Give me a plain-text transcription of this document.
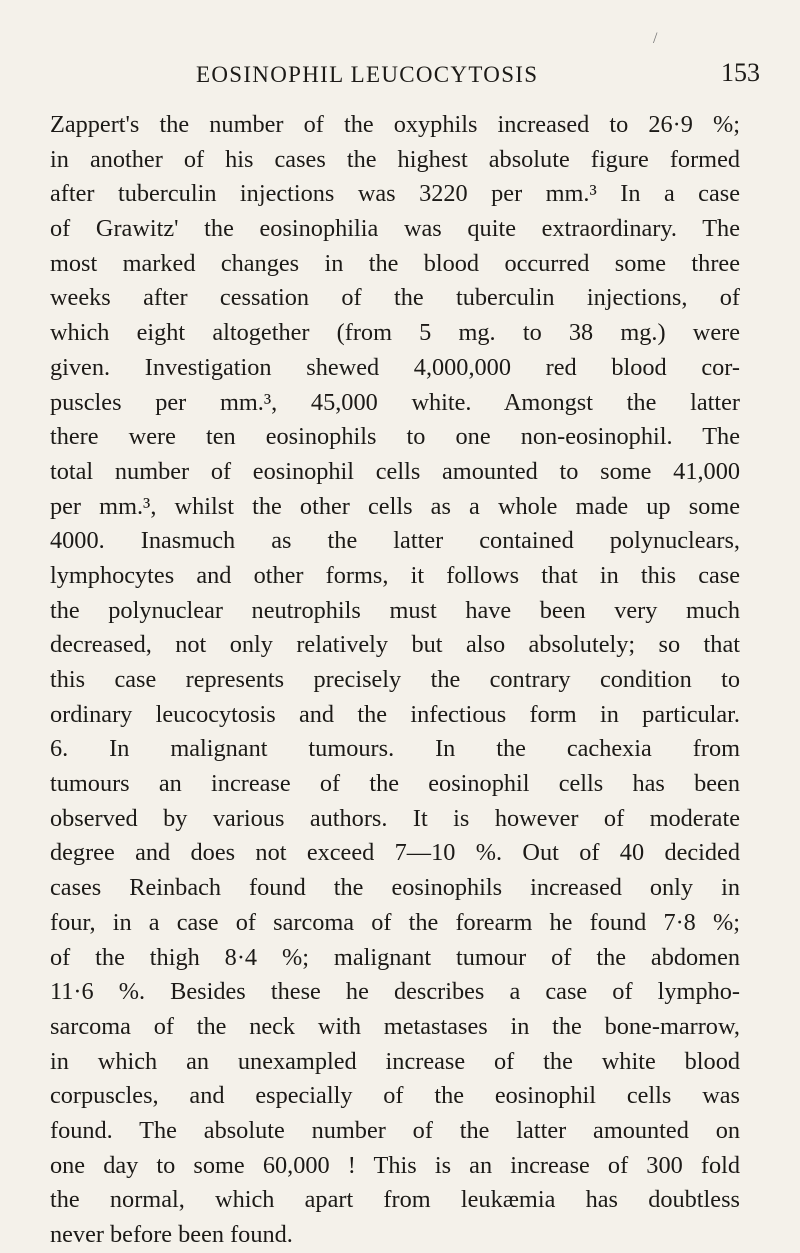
/
EOSINOPHIL LEUCOCYTOSIS	153
Zappert's the number of the oxyphils increased to 26·9 %;
in another of his cases the highest absolute figure formed
after tuberculin injections was 3220 per mm.³ In a case
of Grawitz' the eosinophilia was quite extraordinary. The
most marked changes in the blood occurred some three
weeks after cessation of the tuberculin injections, of
which eight altogether (from 5 mg. to 38 mg.) were
given. Investigation shewed 4,000,000 red blood cor-
puscles per mm.³, 45,000 white. Amongst the latter
there were ten eosinophils to one non-eosinophil. The
total number of eosinophil cells amounted to some 41,000
per mm.³, whilst the other cells as a whole made up some
4000. Inasmuch as the latter contained polynuclears,
lymphocytes and other forms, it follows that in this case
the polynuclear neutrophils must have been very much
decreased, not only relatively but also absolutely; so that
this case represents precisely the contrary condition to
ordinary leucocytosis and the infectious form in particular.
6. In malignant tumours. In the cachexia from
tumours an increase of the eosinophil cells has been
observed by various authors. It is however of moderate
degree and does not exceed 7—10 %. Out of 40 decided
cases Reinbach found the eosinophils increased only in
four, in a case of sarcoma of the forearm he found 7·8 %;
of the thigh 8·4 %; malignant tumour of the abdomen
11·6 %. Besides these he describes a case of lympho-
sarcoma of the neck with metastases in the bone-marrow,
in which an unexampled increase of the white blood
corpuscles, and especially of the eosinophil cells was
found. The absolute number of the latter amounted on
one day to some 60,000 ! This is an increase of 300 fold
the normal, which apart from leukæmia has doubtless
never before been found.
